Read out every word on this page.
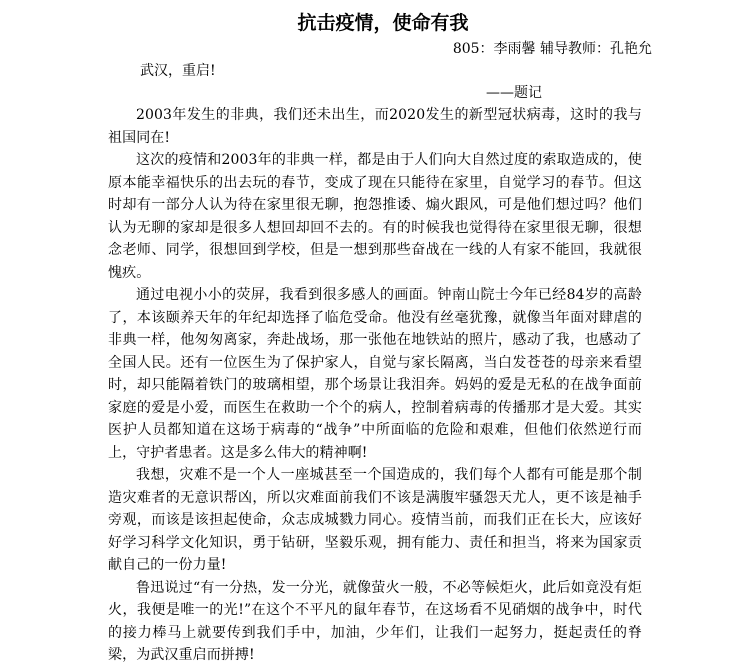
抗击疫情，使命有我
805：李雨馨 辅导教师：孔艳允
武汉，重启!
——题记

2003年发生的非典，我们还未出生，而2020发生的新型冠状病毒，这时的我与祖国同在!

这次的疫情和2003年的非典一样，都是由于人们向大自然过度的索取造成的，使原本能幸福快乐的出去玩的春节，变成了现在只能待在家里，自觉学习的春节。但这时却有一部分人认为待在家里很无聊，抱怨推诿、煽火跟风，可是他们想过吗？他们认为无聊的家却是很多人想回却回不去的。有的时候我也觉得待在家里很无聊，很想念老师、同学，很想回到学校，但是一想到那些奋战在一线的人有家不能回，我就很愧疚。

通过电视小小的荧屏，我看到很多感人的画面。钟南山院士今年已经84岁的高龄了，本该颐养天年的年纪却选择了临危受命。他没有丝毫犹豫，就像当年面对肆虐的非典一样，他匆匆离家，奔赴战场，那一张他在地铁站的照片，感动了我，也感动了全国人民。还有一位医生为了保护家人，自觉与家长隔离，当白发苍苍的母亲来看望时，却只能隔着铁门的玻璃相望，那个场景让我泪奔。妈妈的爱是无私的在战争面前家庭的爱是小爱，而医生在救助一个个的病人，控制着病毒的传播那才是大爱。其实医护人员都知道在这场于病毒的“战争”中所面临的危险和艰难，但他们依然逆行而上，守护者患者。这是多么伟大的精神啊!

我想，灾难不是一个人一座城甚至一个国造成的，我们每个人都有可能是那个制造灾难者的无意识帮凶，所以灾难面前我们不该是满腹牢骚怨天尤人，更不该是袖手旁观，而该是该担起使命，众志成城戮力同心。疫情当前，而我们正在长大，应该好好学习科学文化知识，勇于钻研，坚毅乐观，拥有能力、责任和担当，将来为国家贡献自己的一份力量!

鲁迅说过“有一分热，发一分光，就像萤火一般，不必等候炬火，此后如竟没有炬火，我便是唯一的光!”在这个不平凡的鼠年春节，在这场看不见硝烟的战争中，时代的接力棒马上就要传到我们手中，加油，少年们，让我们一起努力，挺起责任的脊梁，为武汉重启而拼搏!
